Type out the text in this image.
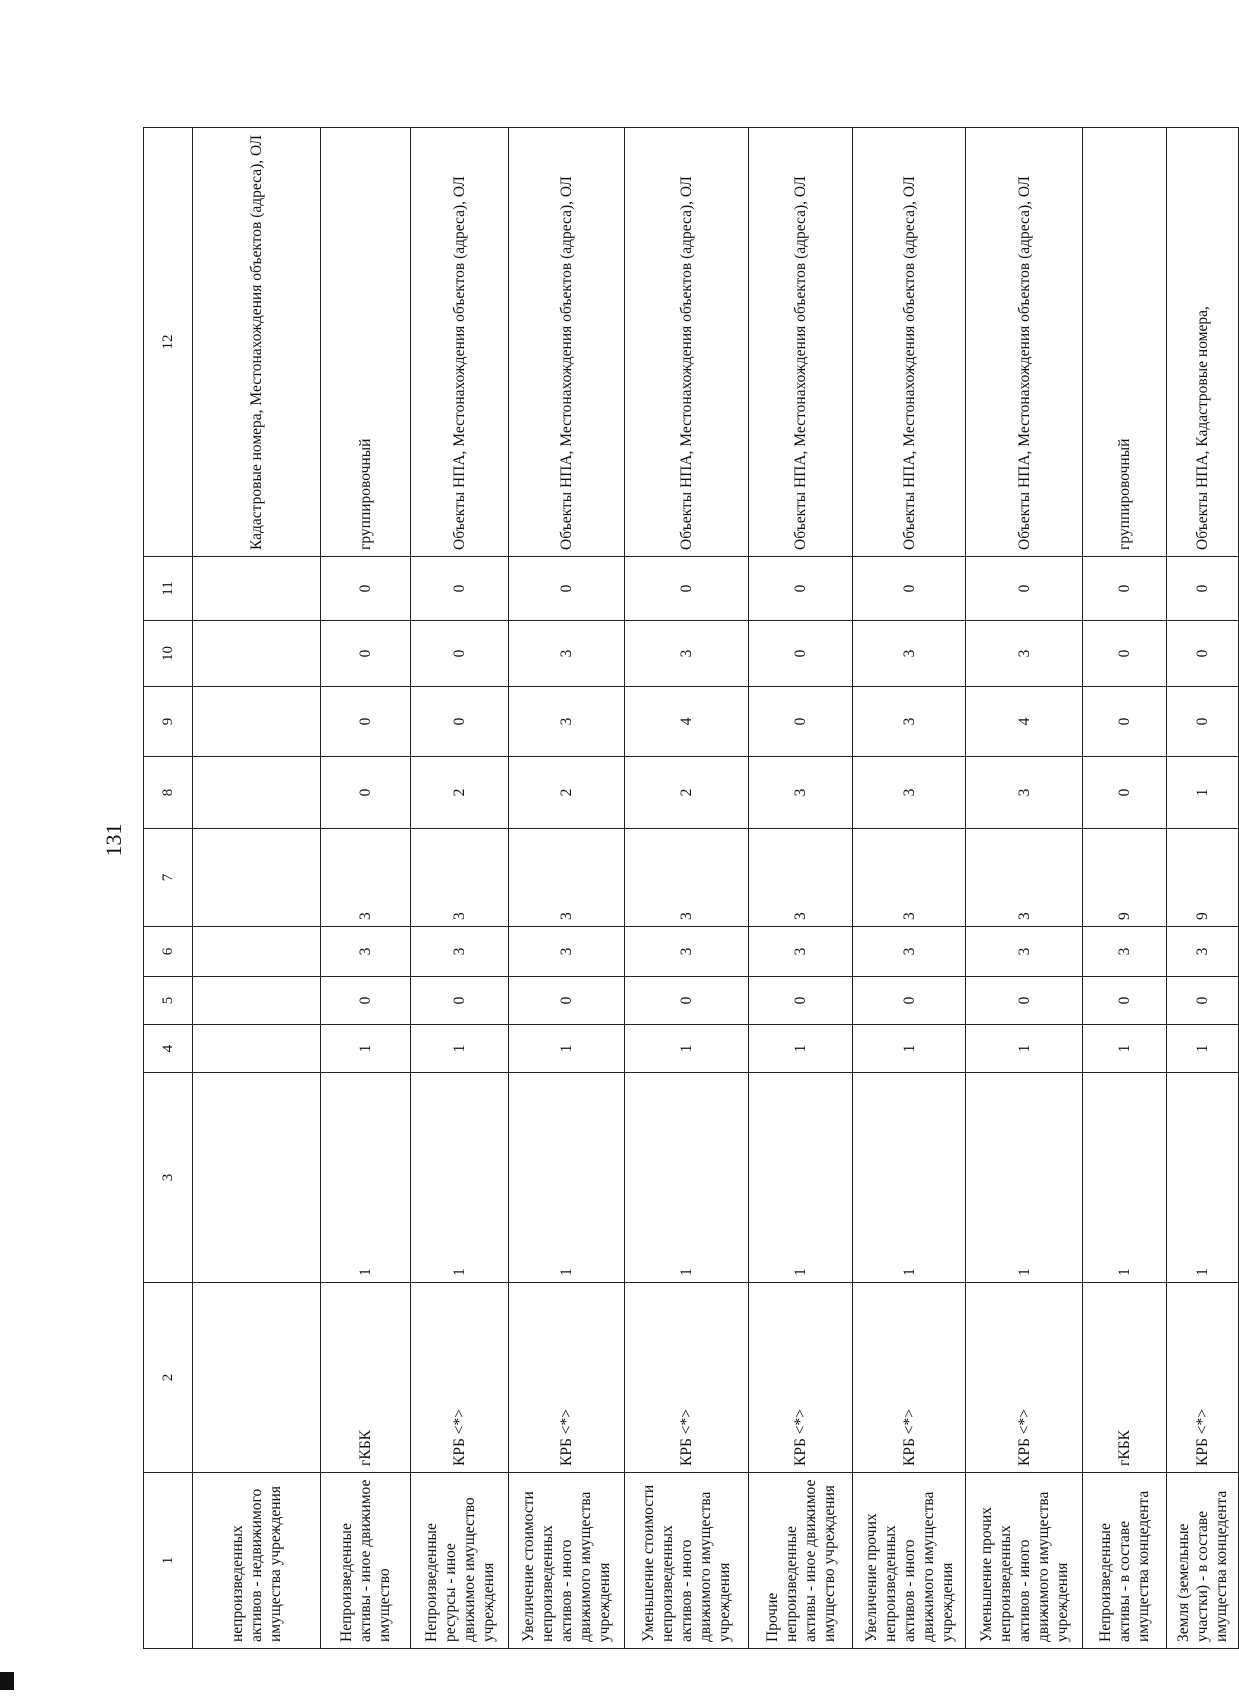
131
1	2	3	4	5	6	7	8	9	10	11	12
непроизведенных активов - недвижимого имущества учреждения											Кадастровые номера, Местонахождения объектов (адреса), ОЛ
Непроизведенные активы - иное движимое имущество	гКБК	1	1	0	3	3	0	0	0	0	группировочный
Непроизведенные ресурсы - иное движимое имущество учреждения	КРБ <*>	1	1	0	3	3	2	0	0	0	Объекты НПА, Местонахождения объектов (адреса), ОЛ
Увеличение стоимости непроизведенных активов - иного движимого имущества учреждения	КРБ <*>	1	1	0	3	3	2	3	3	0	Объекты НПА, Местонахождения объектов (адреса), ОЛ
Уменьшение стоимости непроизведенных активов - иного движимого имущества учреждения	КРБ <*>	1	1	0	3	3	2	4	3	0	Объекты НПА, Местонахождения объектов (адреса), ОЛ
Прочие непроизведенные активы - иное движимое имущество учреждения	КРБ <*>	1	1	0	3	3	3	0	0	0	Объекты НПА, Местонахождения объектов (адреса), ОЛ
Увеличение прочих непроизведенных активов - иного движимого имущества учреждения	КРБ <*>	1	1	0	3	3	3	3	3	0	Объекты НПА, Местонахождения объектов (адреса), ОЛ
Уменьшение прочих непроизведенных активов - иного движимого имущества учреждения	КРБ <*>	1	1	0	3	3	3	4	3	0	Объекты НПА, Местонахождения объектов (адреса), ОЛ
Непроизведенные активы - в составе имущества концедента	гКБК	1	1	0	3	9	0	0	0	0	группировочный
Земля (земельные участки) - в составе имущества концедента	КРБ <*>	1	1	0	3	9	1	0	0	0	Объекты НПА, Кадастровые номера,
